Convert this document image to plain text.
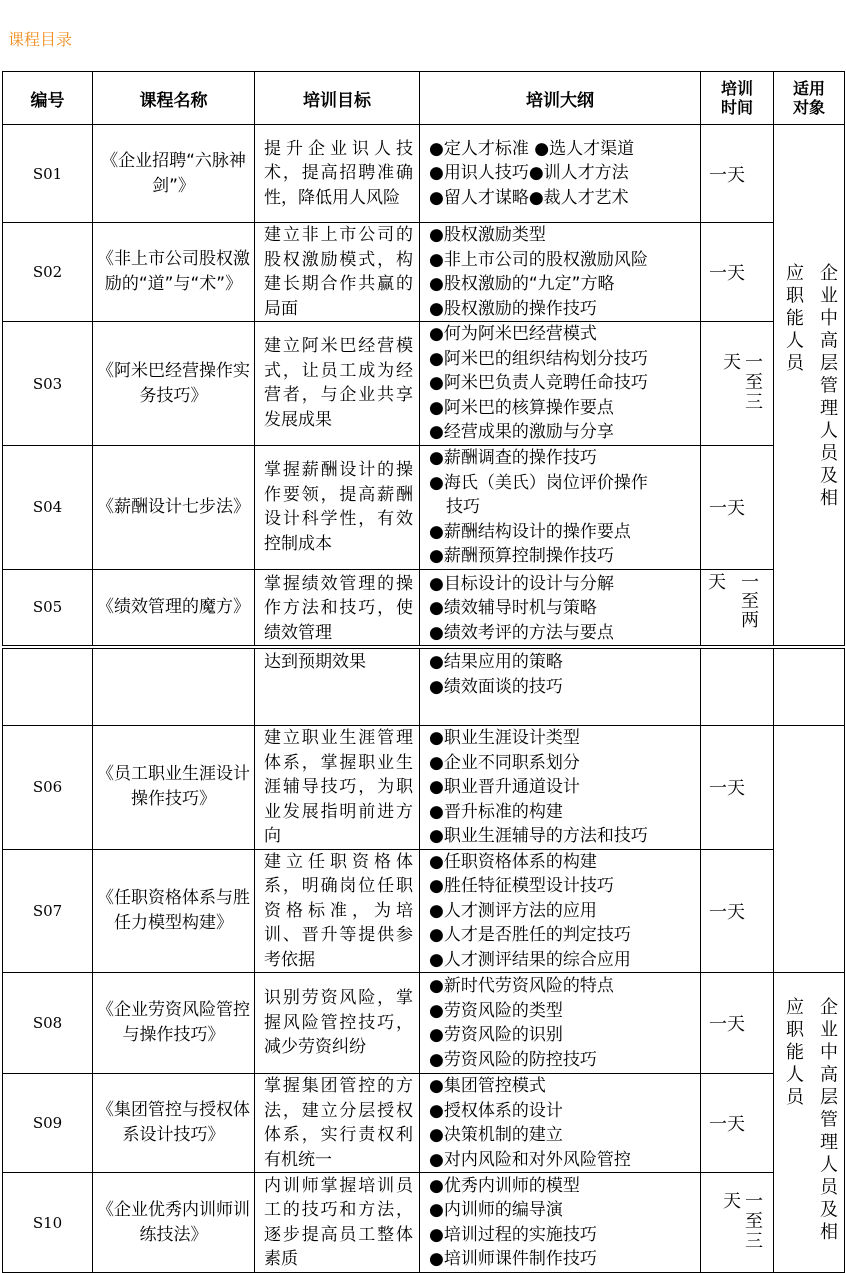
课程目录
编号	课程名称	培训目标	培训大纲	培训时间	适用对象

S01	《企业招聘“六脉神剑”》	提升企业识人技术，提高招聘准确性，降低用人风险	●定人才标准 ●选人才渠道
●用识人技巧●训人才方法
●留人才谋略●裁人才艺术	一天	企业中高层管理人员及相应职能人员

S02	《非上市公司股权激励的“道”与“术”》	建立非上市公司的股权激励模式，构建长期合作共赢的局面	●股权激励类型
●非上市公司的股权激励风险
●股权激励的“九定”方略
●股权激励的操作技巧	一天	
S03	《阿米巴经营操作实务技巧》	建立阿米巴经营模式，让员工成为经营者，与企业共享发展成果	●何为阿米巴经营模式
●阿米巴的组织结构划分技巧
●阿米巴负责人竞聘任命技巧
●阿米巴的核算操作要点
●经营成果的激励与分享	一至三天	

S04	《薪酬设计七步法》	掌握薪酬设计的操作要领，提高薪酬设计科学性，有效控制成本	●薪酬调查的操作技巧
●海氏（美氏）岗位评价操作
技巧
●薪酬结构设计的操作要点
●薪酬预算控制操作技巧	一天	
S05	《绩效管理的魔方》	掌握绩效管理的操作方法和技巧，使绩效管理	●目标设计的设计与分解
●绩效辅导时机与策略
●绩效考评的方法与要点	一至两天	
		达到预期效果	●结果应用的策略
●绩效面谈的技巧		

S06	《员工职业生涯设计操作技巧》	建立职业生涯管理体系，掌握职业生涯辅导技巧，为职业发展指明前进方向	●职业生涯设计类型
●企业不同职系划分
●职业晋升通道设计
●晋升标准的构建
●职业生涯辅导的方法和技巧	一天	
S07	《任职资格体系与胜任力模型构建》	建立任职资格体系，明确岗位任职资格标准，为培训、晋升等提供参考依据	●任职资格体系的构建
●胜任特征模型设计技巧
●人才测评方法的应用
●人才是否胜任的判定技巧
●人才测评结果的综合应用	一天	
S08	《企业劳资风险管控与操作技巧》	识别劳资风险，掌握风险管控技巧，减少劳资纠纷	●新时代劳资风险的特点
●劳资风险的类型
●劳资风险的识别
●劳资风险的防控技巧	一天	企业中高层管理人员及相应职能人员

S09	《集团管控与授权体系设计技巧》	掌握集团管控的方法，建立分层授权体系，实行责权利有机统一	●集团管控模式
●授权体系的设计
●决策机制的建立
●对内风险和对外风险管控	一天	
S10	《企业优秀内训师训练技法》	内训师掌握培训员工的技巧和方法，逐步提高员工整体素质	●优秀内训师的模型
●内训师的编导演
●培训过程的实施技巧
●培训师课件制作技巧	一至三天	
